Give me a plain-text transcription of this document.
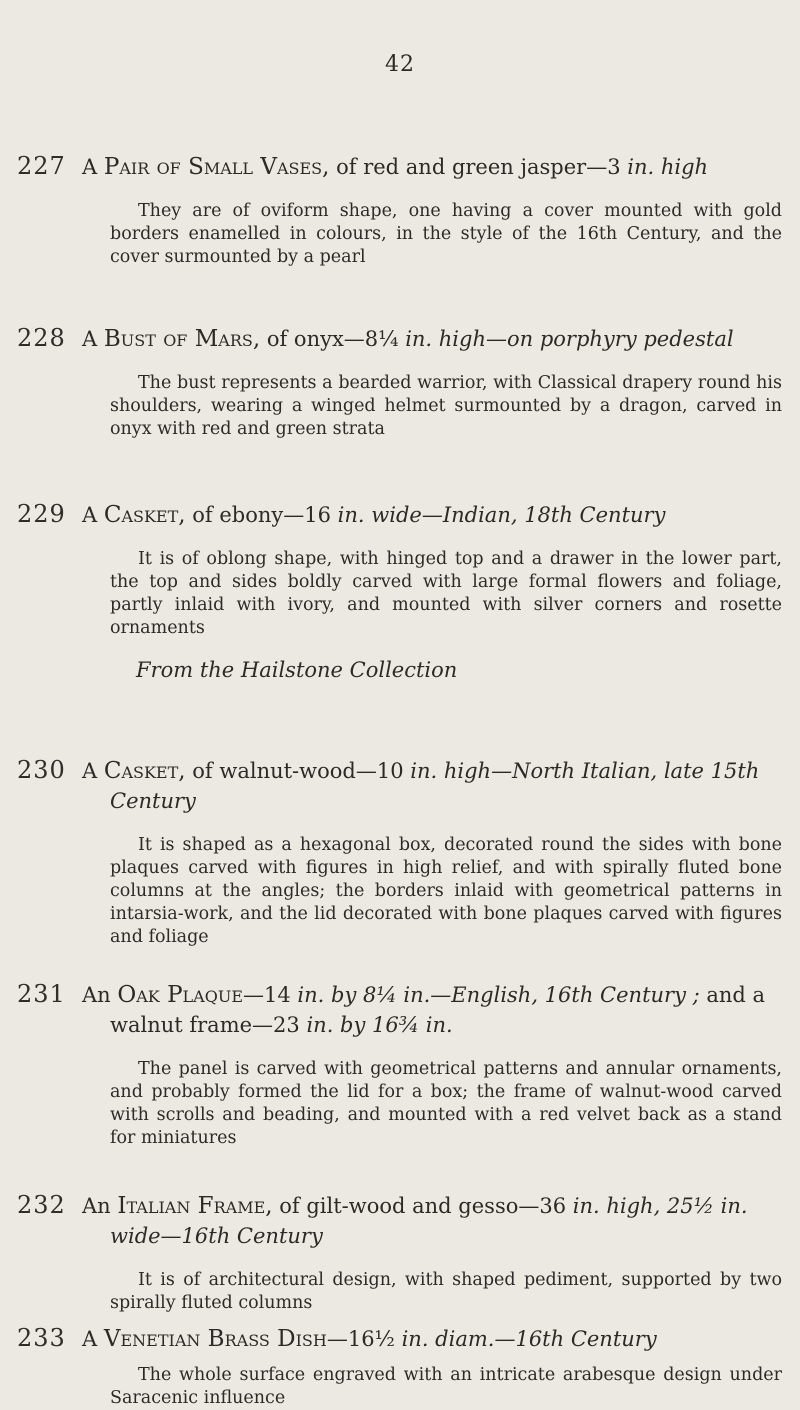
42
227 A Pair of Small Vases, of red and green jasper—3 in. high

They are of oviform shape, one having a cover mounted with gold borders enamelled in colours, in the style of the 16th Century, and the cover surmounted by a pearl

228 A Bust of Mars, of onyx—8¼ in. high—on porphyry pedestal

The bust represents a bearded warrior, with Classical drapery round his shoulders, wearing a winged helmet surmounted by a dragon, carved in onyx with red and green strata

229 A Casket, of ebony—16 in. wide—Indian, 18th Century

It is of oblong shape, with hinged top and a drawer in the lower part, the top and sides boldly carved with large formal flowers and foliage, partly inlaid with ivory, and mounted with silver corners and rosette ornaments

From the Hailstone Collection

230 A Casket, of walnut-wood—10 in. high—North Italian, late 15th Century

It is shaped as a hexagonal box, decorated round the sides with bone plaques carved with figures in high relief, and with spirally fluted bone columns at the angles; the borders inlaid with geometrical patterns in intarsia-work, and the lid decorated with bone plaques carved with figures and foliage

231 An Oak Plaque—14 in. by 8¼ in.—English, 16th Century ; and a walnut frame—23 in. by 16¾ in.

The panel is carved with geometrical patterns and annular ornaments, and probably formed the lid for a box; the frame of walnut-wood carved with scrolls and beading, and mounted with a red velvet back as a stand for miniatures

232 An Italian Frame, of gilt-wood and gesso—36 in. high, 25½ in. wide—16th Century

It is of architectural design, with shaped pediment, supported by two spirally fluted columns

233 A Venetian Brass Dish—16½ in. diam.—16th Century

The whole surface engraved with an intricate arabesque design under Saracenic influence
